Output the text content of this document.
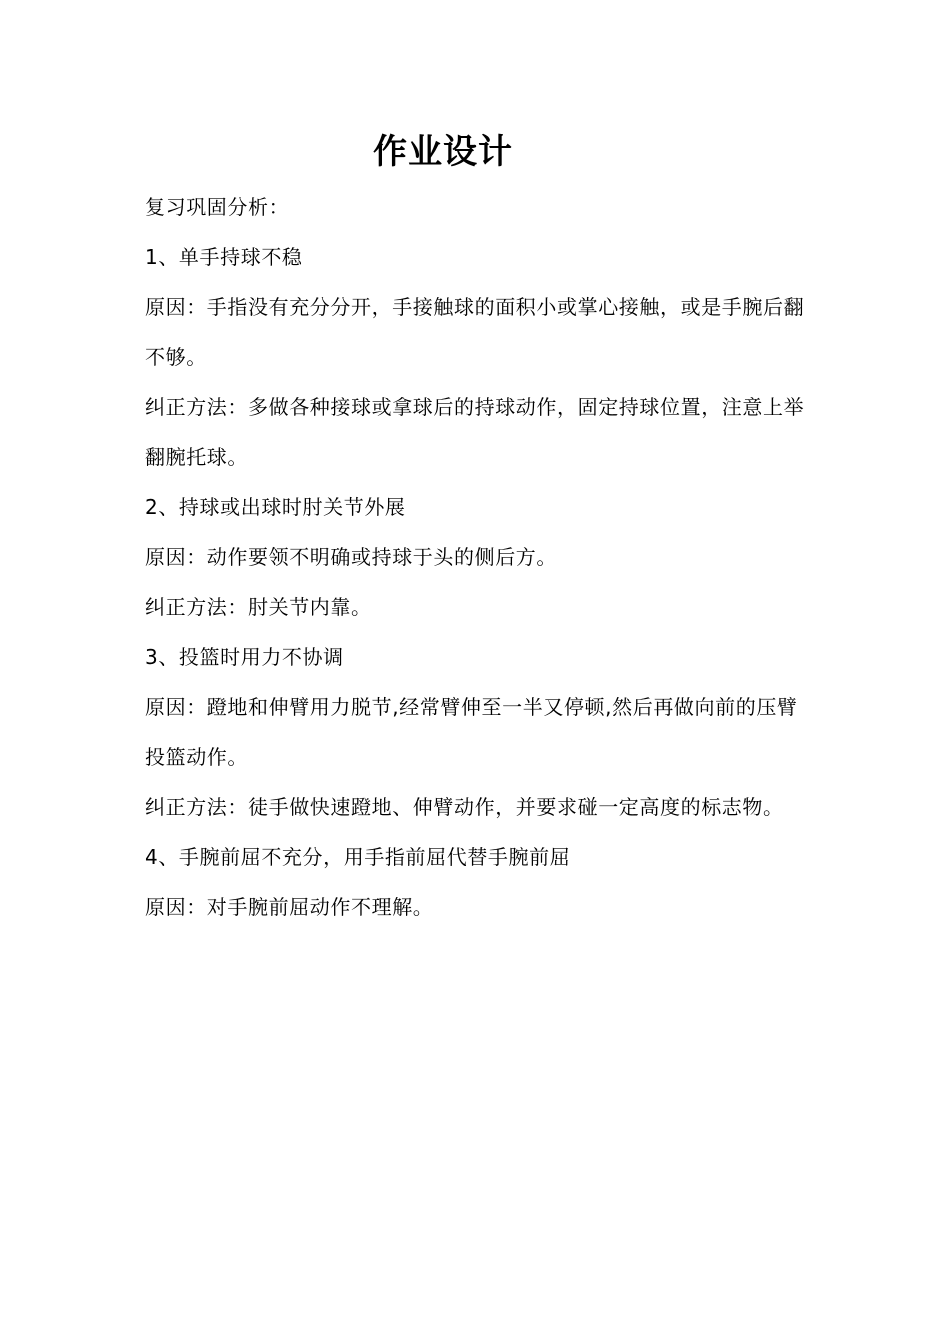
作业设计

复习巩固分析：

1、单手持球不稳

原因：手指没有充分分开，手接触球的面积小或掌心接触，或是手腕后翻不够。

纠正方法：多做各种接球或拿球后的持球动作，固定持球位置，注意上举翻腕托球。

2、持球或出球时肘关节外展

原因：动作要领不明确或持球于头的侧后方。

纠正方法：肘关节内靠。

3、投篮时用力不协调

原因：蹬地和伸臂用力脱节,经常臂伸至一半又停顿,然后再做向前的压臂投篮动作。

纠正方法：徒手做快速蹬地、伸臂动作，并要求碰一定高度的标志物。

4、手腕前屈不充分，用手指前屈代替手腕前屈

原因：对手腕前屈动作不理解。
